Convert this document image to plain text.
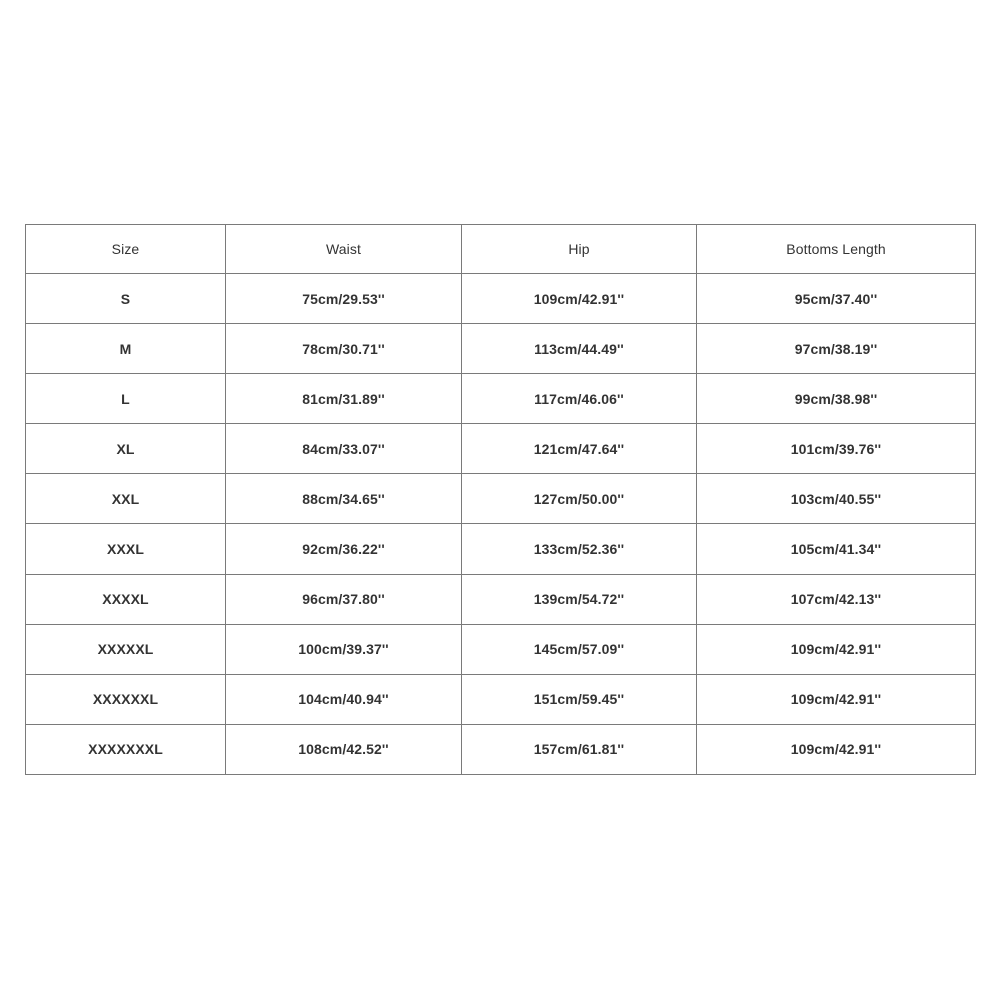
Size	Waist	Hip	Bottoms Length
S	75cm/29.53''	109cm/42.91''	95cm/37.40''
M	78cm/30.71''	113cm/44.49''	97cm/38.19''
L	81cm/31.89''	117cm/46.06''	99cm/38.98''
XL	84cm/33.07''	121cm/47.64''	101cm/39.76''
XXL	88cm/34.65''	127cm/50.00''	103cm/40.55''
XXXL	92cm/36.22''	133cm/52.36''	105cm/41.34''
XXXXL	96cm/37.80''	139cm/54.72''	107cm/42.13''
XXXXXL	100cm/39.37''	145cm/57.09''	109cm/42.91''
XXXXXXL	104cm/40.94''	151cm/59.45''	109cm/42.91''
XXXXXXXL	108cm/42.52''	157cm/61.81''	109cm/42.91''
